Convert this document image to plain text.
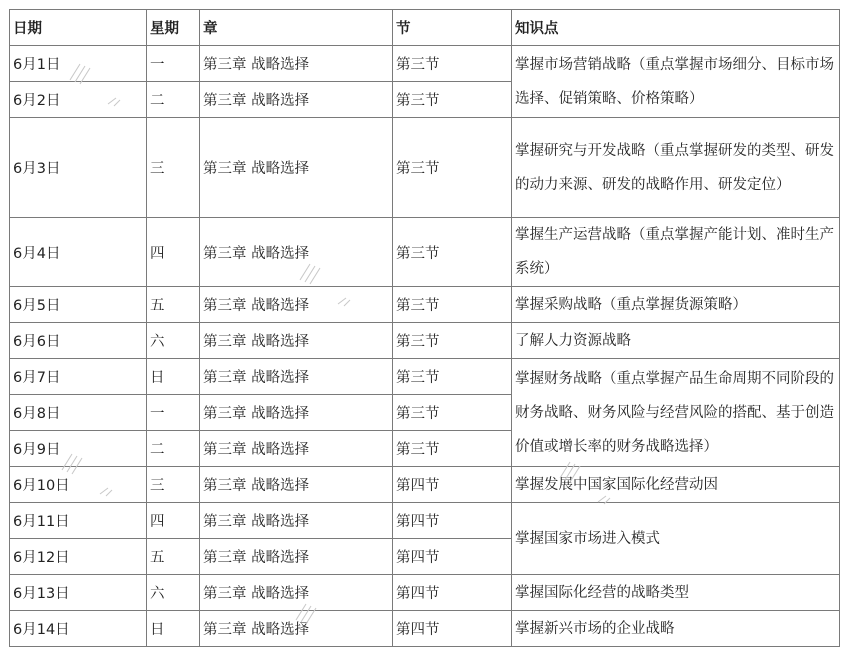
日期	星期	章	节	知识点
6月1日	一	第三章 战略选择	第三节	掌握市场营销战略（重点掌握市场细分、目标市场选择、促销策略、价格策略）
6月2日	二	第三章 战略选择	第三节	
6月3日	三	第三章 战略选择	第三节	掌握研究与开发战略（重点掌握研发的类型、研发的动力来源、研发的战略作用、研发定位）
6月4日	四	第三章 战略选择	第三节	掌握生产运营战略（重点掌握产能计划、准时生产系统）
6月5日	五	第三章 战略选择	第三节	掌握采购战略（重点掌握货源策略）
6月6日	六	第三章 战略选择	第三节	了解人力资源战略
6月7日	日	第三章 战略选择	第三节	掌握财务战略（重点掌握产品生命周期不同阶段的财务战略、财务风险与经营风险的搭配、基于创造价值或增长率的财务战略选择）
6月8日	一	第三章 战略选择	第三节	
6月9日	二	第三章 战略选择	第三节	
6月10日	三	第三章 战略选择	第四节	掌握发展中国家国际化经营动因
6月11日	四	第三章 战略选择	第四节	掌握国家市场进入模式
6月12日	五	第三章 战略选择	第四节	
6月13日	六	第三章 战略选择	第四节	掌握国际化经营的战略类型
6月14日	日	第三章 战略选择	第四节	掌握新兴市场的企业战略
